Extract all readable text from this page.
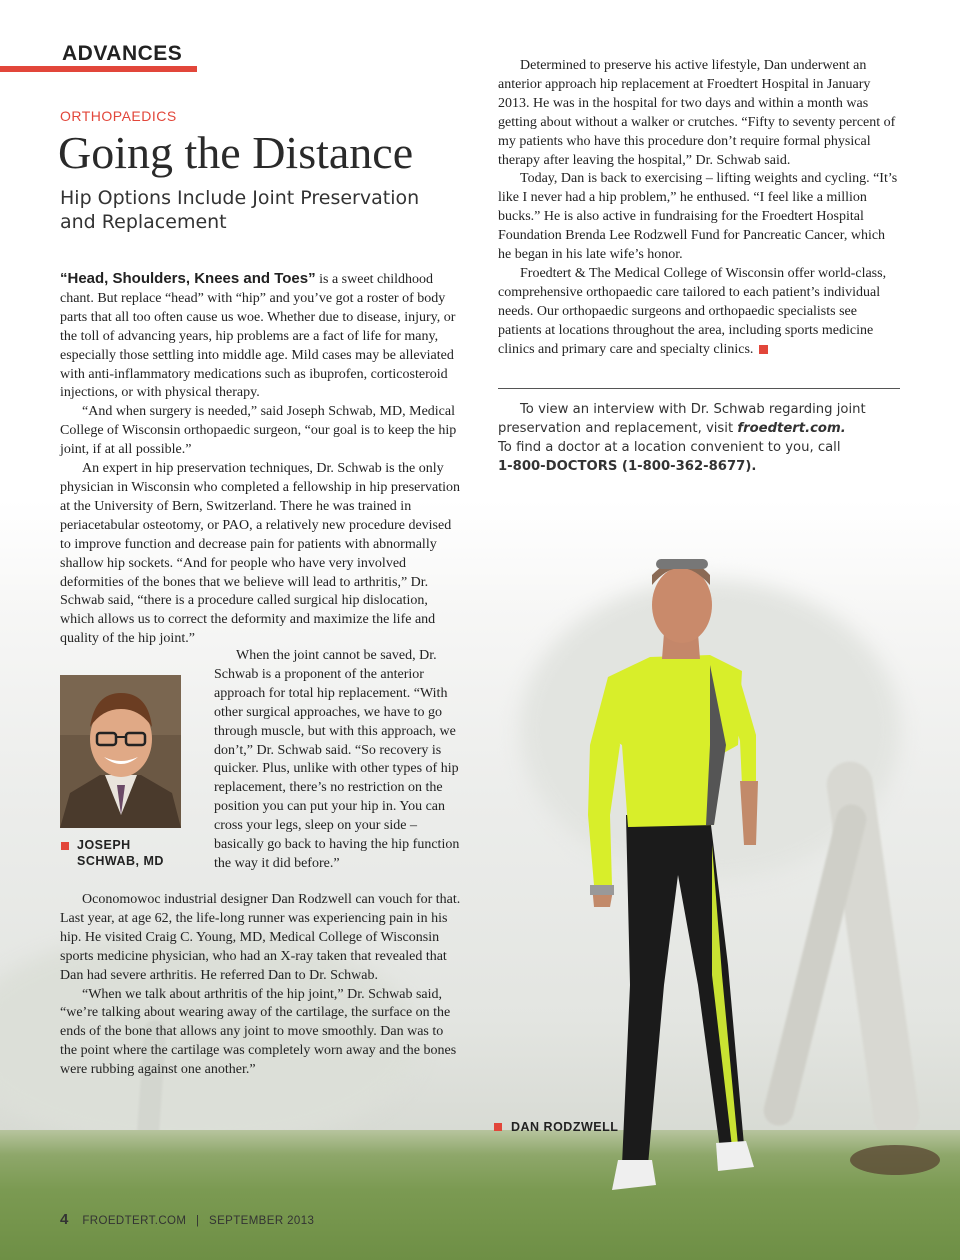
ADVANCES
ORTHOPAEDICS
Going the Distance
Hip Options Include Joint Preservation and Replacement

“Head, Shoulders, Knees and Toes” is a sweet childhood chant. But replace “head” with “hip” and you’ve got a roster of body parts that all too often cause us woe. Whether due to disease, injury, or the toll of advancing years, hip problems are a fact of life for many, especially those settling into middle age. Mild cases may be alleviated with anti-inflammatory medications such as ibuprofen, corticosteroid injections, or with physical therapy.

“And when surgery is needed,” said Joseph Schwab, MD, Medical College of Wisconsin orthopaedic surgeon, “our goal is to keep the hip joint, if at all possible.”

An expert in hip preservation techniques, Dr. Schwab is the only physician in Wisconsin who completed a fellowship in hip preservation at the University of Bern, Switzerland. There he was trained in periacetabular osteotomy, or PAO, a relatively new procedure devised to improve function and decrease pain for patients with abnormally shallow hip sockets. “And for people who have very involved deformities of the bones that we believe will lead to arthritis,” Dr. Schwab said, “there is a procedure called surgical hip dislocation, which allows us to correct the deformity and maximize the life and quality of the hip joint.”

JOSEPH
SCHWAB, MD

When the joint cannot be saved, Dr. Schwab is a proponent of the anterior approach for total hip replacement. “With other surgical approaches, we have to go through muscle, but with this approach, we don’t,” Dr. Schwab said. “So recovery is quicker. Plus, unlike with other types of hip replacement, there’s no restriction on the position you can put your hip in. You can cross your legs, sleep on your side – basically go back to having the hip function the way it did before.”

Oconomowoc industrial designer Dan Rodzwell can vouch for that. Last year, at age 62, the life-long runner was experiencing pain in his hip. He visited Craig C. Young, MD, Medical College of Wisconsin sports medicine physician, who had an X-ray taken that revealed that Dan had severe arthritis. He referred Dan to Dr. Schwab.

“When we talk about arthritis of the hip joint,” Dr. Schwab said, “we’re talking about wearing away of the cartilage, the surface on the ends of the bone that allows any joint to move smoothly. Dan was to the point where the cartilage was completely worn away and the bones were rubbing against one another.”

Determined to preserve his active lifestyle, Dan underwent an anterior approach hip replacement at Froedtert Hospital in January 2013. He was in the hospital for two days and within a month was getting about without a walker or crutches. “Fifty to seventy percent of my patients who have this procedure don’t require formal physical therapy after leaving the hospital,” Dr. Schwab said.

Today, Dan is back to exercising – lifting weights and cycling. “It’s like I never had a hip problem,” he enthused. “I feel like a million bucks.” He is also active in fundraising for the Froedtert Hospital Foundation Brenda Lee Rodzwell Fund for Pancreatic Cancer, which he began in his late wife’s honor.

Froedtert & The Medical College of Wisconsin offer world-class, comprehensive orthopaedic care tailored to each patient’s individual needs. Our orthopaedic surgeons and orthopaedic specialists see patients at locations throughout the area, including sports medicine clinics and primary care and specialty clinics.

To view an interview with Dr. Schwab regarding joint preservation and replacement, visit froedtert.com.
To find a doctor at a location convenient to you, call
1-800-DOCTORS (1-800-362-8677).
DAN RODZWELL
4 FROEDTERT.COM | SEPTEMBER 2013
